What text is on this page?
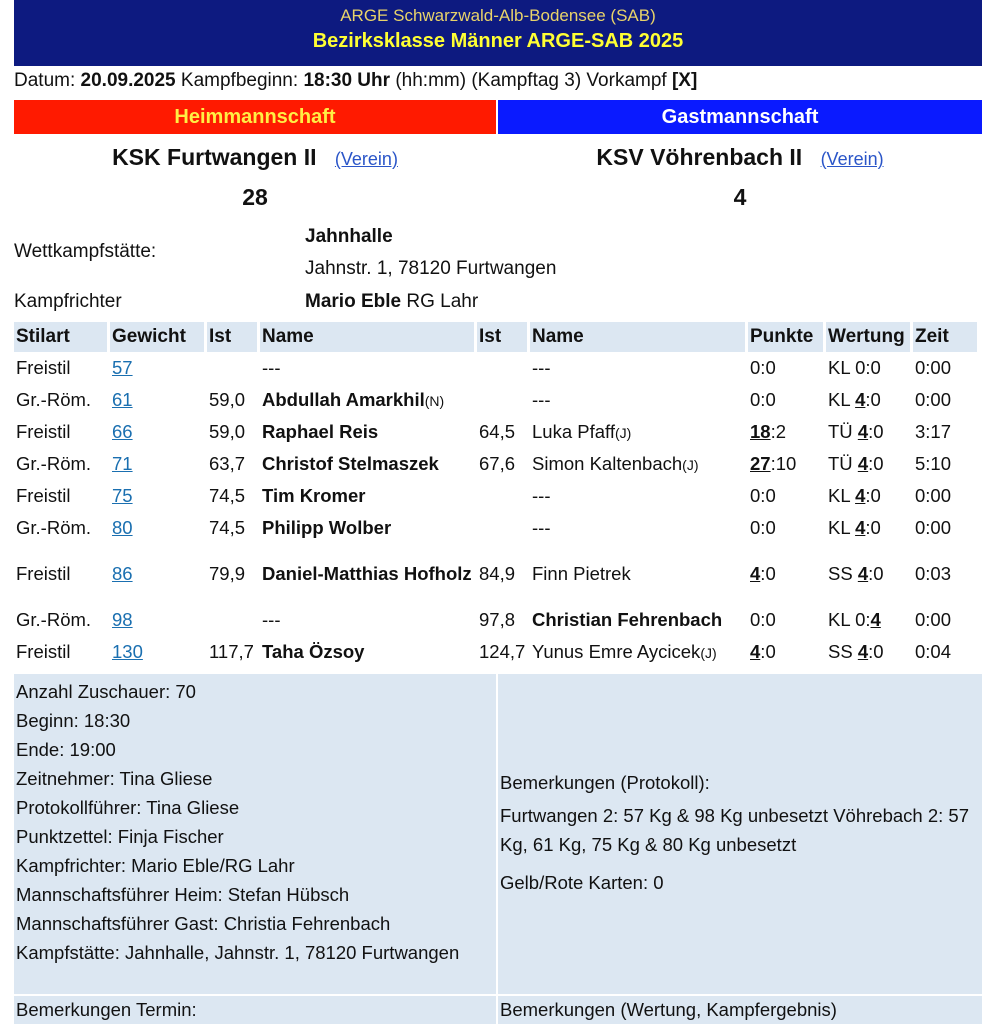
ARGE Schwarzwald-Alb-Bodensee (SAB)
Bezirksklasse Männer ARGE-SAB 2025
Datum: 20.09.2025 Kampfbeginn: 18:30 Uhr (hh:mm) (Kampftag 3) Vorkampf [X]
Heimmannschaft	Gastmannschaft
KSK Furtwangen II (Verein)	KSV Vöhrenbach II (Verein)
28	4
Wettkampfstätte:
Jahnhalle
Jahnstr. 1, 78120 Furtwangen
Kampfrichter	Mario Eble RG Lahr
Stilart	Gewicht	Ist	Name	Ist	Name	Punkte	Wertung	Zeit
Freistil	57		---		---	0:0	KL 0:0	0:00
Gr.-Röm.	61	59,0	Abdullah Amarkhil(N)		---	0:0	KL 4:0	0:00
Freistil	66	59,0	Raphael Reis	64,5	Luka Pfaff(J)	18:2	TÜ 4:0	3:17
Gr.-Röm.	71	63,7	Christof Stelmaszek	67,6	Simon Kaltenbach(J)	27:10	TÜ 4:0	5:10
Freistil	75	74,5	Tim Kromer		---	0:0	KL 4:0	0:00
Gr.-Röm.	80	74,5	Philipp Wolber		---	0:0	KL 4:0	0:00
Freistil	86	79,9	Daniel-Matthias Hofholz	84,9	Finn Pietrek	4:0	SS 4:0	0:03
Gr.-Röm.	98		---	97,8	Christian Fehrenbach	0:0	KL 0:4	0:00
Freistil	130	117,7	Taha Özsoy	124,7	Yunus Emre Aycicek(J)	4:0	SS 4:0	0:04
Anzahl Zuschauer: 70
Beginn: 18:30
Ende: 19:00
Zeitnehmer: Tina Gliese
Protokollführer: Tina Gliese
Punktzettel: Finja Fischer
Kampfrichter: Mario Eble/RG Lahr
Mannschaftsführer Heim: Stefan Hübsch
Mannschaftsführer Gast: Christia Fehrenbach
Kampfstätte: Jahnhalle, Jahnstr. 1, 78120 Furtwangen
Bemerkungen (Protokoll):
Furtwangen 2: 57 Kg & 98 Kg unbesetzt Vöhrebach 2: 57 Kg, 61 Kg, 75 Kg & 80 Kg unbesetzt
Gelb/Rote Karten: 0
Bemerkungen Termin:	Bemerkungen (Wertung, Kampfergebnis)
